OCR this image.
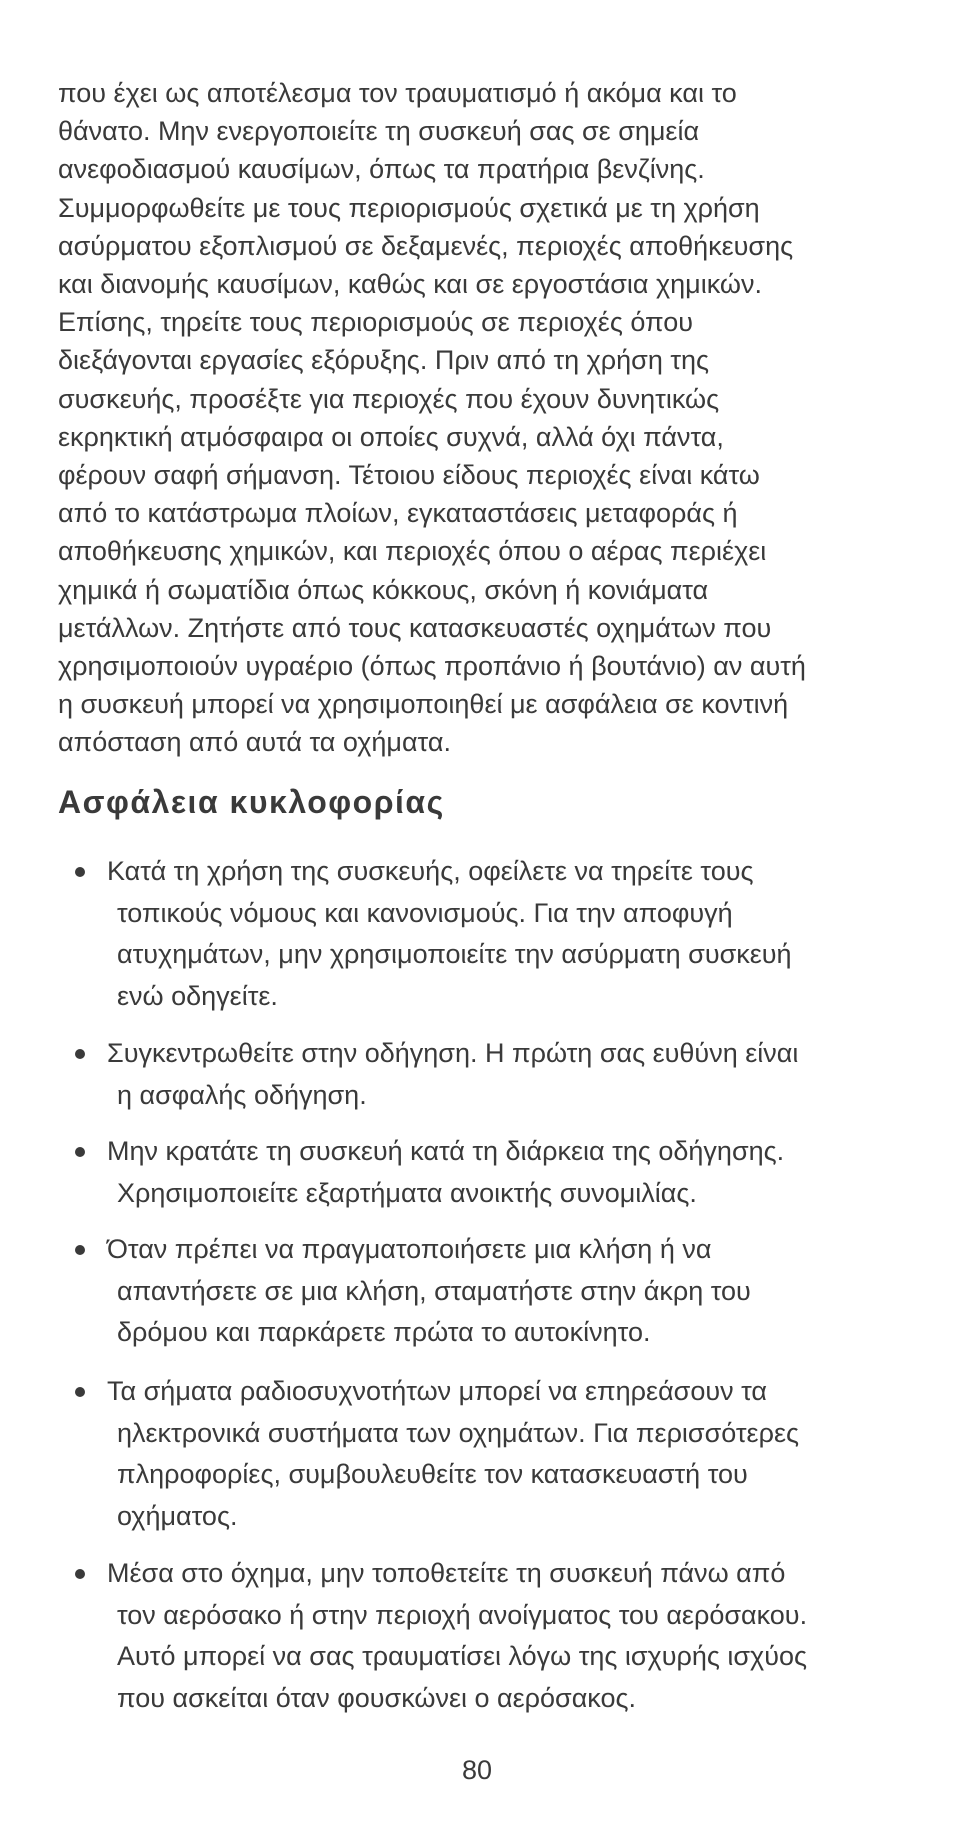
που έχει ως αποτέλεσμα τον τραυματισμό ή ακόμα και το
θάνατο. Μην ενεργοποιείτε τη συσκευή σας σε σημεία
ανεφοδιασμού καυσίμων, όπως τα πρατήρια βενζίνης.
Συμμορφωθείτε με τους περιορισμούς σχετικά με τη χρήση
ασύρματου εξοπλισμού σε δεξαμενές, περιοχές αποθήκευσης
και διανομής καυσίμων, καθώς και σε εργοστάσια χημικών.
Επίσης, τηρείτε τους περιορισμούς σε περιοχές όπου
διεξάγονται εργασίες εξόρυξης. Πριν από τη χρήση της
συσκευής, προσέξτε για περιοχές που έχουν δυνητικώς
εκρηκτική ατμόσφαιρα οι οποίες συχνά, αλλά όχι πάντα,
φέρουν σαφή σήμανση. Τέτοιου είδους περιοχές είναι κάτω
από το κατάστρωμα πλοίων, εγκαταστάσεις μεταφοράς ή
αποθήκευσης χημικών, και περιοχές όπου ο αέρας περιέχει
χημικά ή σωματίδια όπως κόκκους, σκόνη ή κονιάματα
μετάλλων. Ζητήστε από τους κατασκευαστές οχημάτων που
χρησιμοποιούν υγραέριο (όπως προπάνιο ή βουτάνιο) αν αυτή
η συσκευή μπορεί να χρησιμοποιηθεί με ασφάλεια σε κοντινή
απόσταση από αυτά τα οχήματα.

Ασφάλεια κυκλοφορίας
Κατά τη χρήση της συσκευής, οφείλετε να τηρείτε τους
τοπικούς νόμους και κανονισμούς. Για την αποφυγή
ατυχημάτων, μην χρησιμοποιείτε την ασύρματη συσκευή
ενώ οδηγείτε.
Συγκεντρωθείτε στην οδήγηση. Η πρώτη σας ευθύνη είναι
η ασφαλής οδήγηση.
Μην κρατάτε τη συσκευή κατά τη διάρκεια της οδήγησης.
Χρησιμοποιείτε εξαρτήματα ανοικτής συνομιλίας.
Όταν πρέπει να πραγματοποιήσετε μια κλήση ή να
απαντήσετε σε μια κλήση, σταματήστε στην άκρη του
δρόμου και παρκάρετε πρώτα το αυτοκίνητο.
Τα σήματα ραδιοσυχνοτήτων μπορεί να επηρεάσουν τα
ηλεκτρονικά συστήματα των οχημάτων. Για περισσότερες
πληροφορίες, συμβουλευθείτε τον κατασκευαστή του
οχήματος.
Μέσα στο όχημα, μην τοποθετείτε τη συσκευή πάνω από
τον αερόσακο ή στην περιοχή ανοίγματος του αερόσακου.
Αυτό μπορεί να σας τραυματίσει λόγω της ισχυρής ισχύος
που ασκείται όταν φουσκώνει ο αερόσακος.
80
